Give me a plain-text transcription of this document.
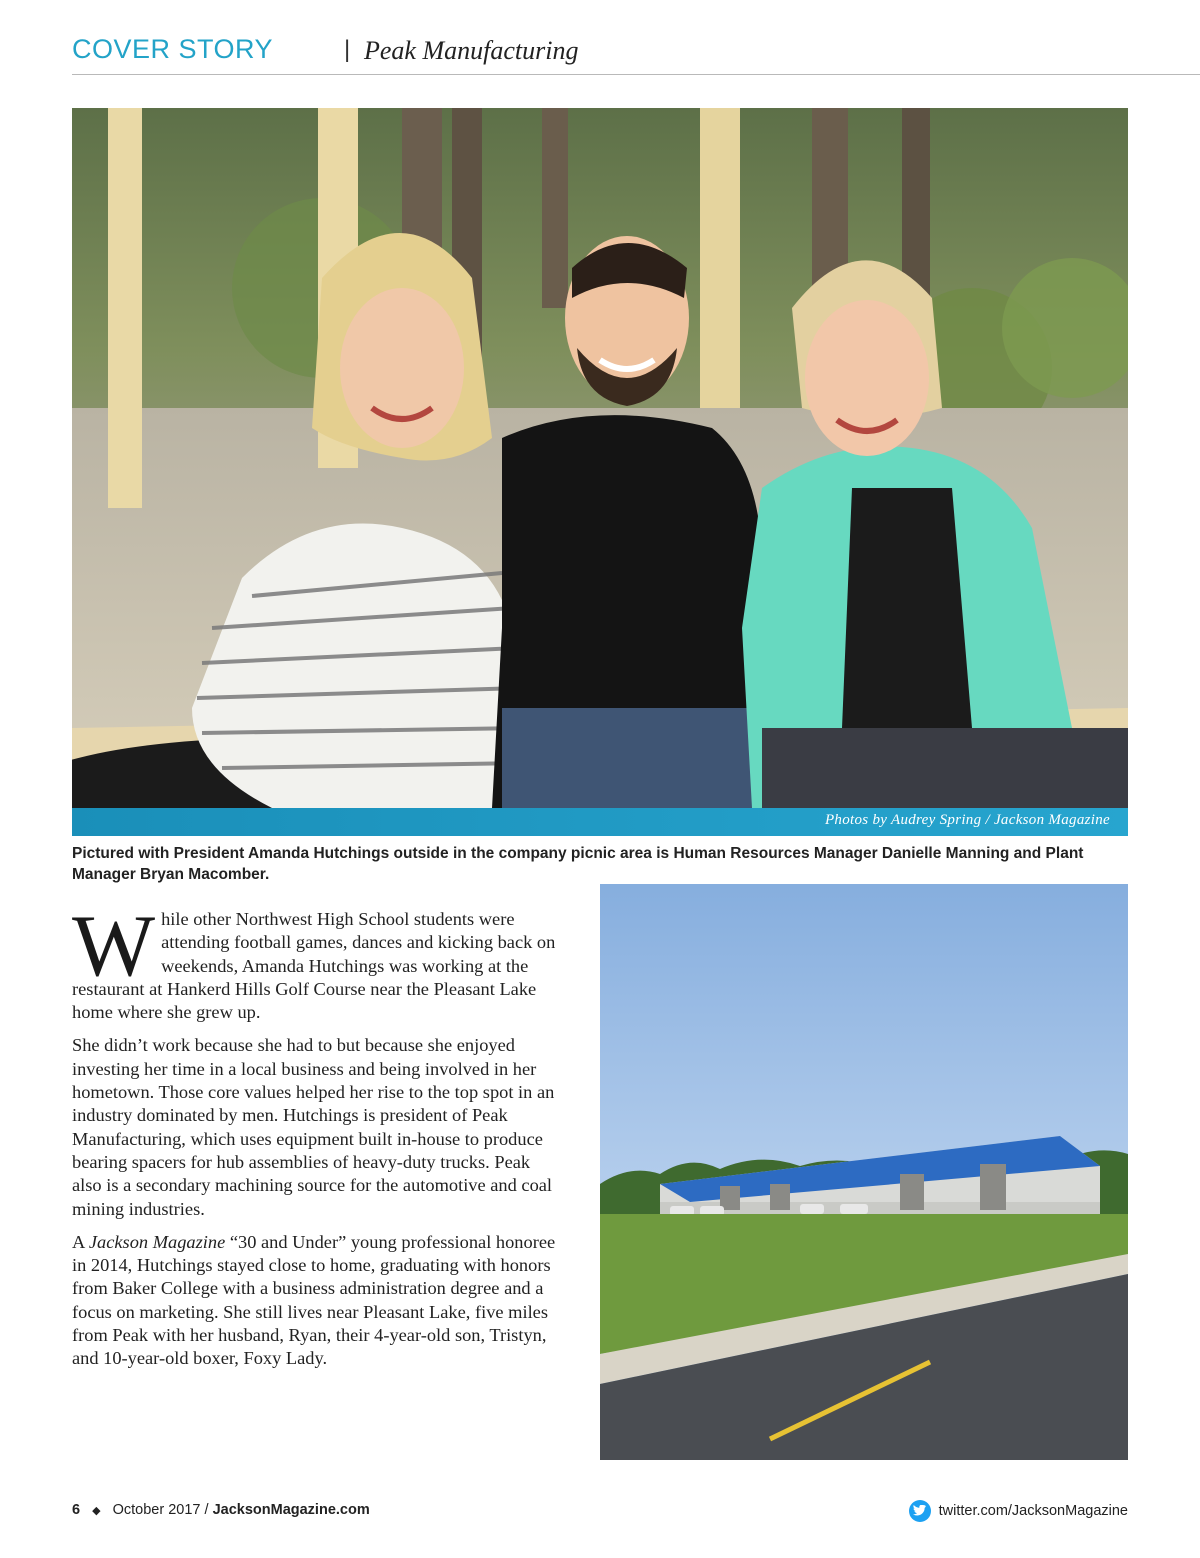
COVER STORY	| Peak Manufacturing
Photos by Audrey Spring / Jackson Magazine
Pictured with President Amanda Hutchings outside in the company picnic area is Human Resources Manager Danielle Manning and Plant Manager Bryan Macomber.

While other Northwest High School students were attending football games, dances and kicking back on weekends, Amanda Hutchings was working at the restaurant at Hankerd Hills Golf Course near the Pleasant Lake home where she grew up.

She didn’t work because she had to but because she enjoyed investing her time in a local business and being involved in her hometown. Those core values helped her rise to the top spot in an industry dominated by men. Hutchings is president of Peak Manufacturing, which uses equipment built in-house to produce bearing spacers for hub assemblies of heavy-duty trucks. Peak also is a secondary machining source for the automotive and coal mining industries.

A Jackson Magazine “30 and Under” young professional honoree in 2014, Hutchings stayed close to home, graduating with honors from Baker College with a business administration degree and a focus on marketing. She still lives near Pleasant Lake, five miles from Peak with her husband, Ryan, their 4-year-old son, Tristyn, and 10-year-old boxer, Foxy Lady.

6 ◆ October 2017 / JacksonMagazine.com	twitter.com/JacksonMagazine
